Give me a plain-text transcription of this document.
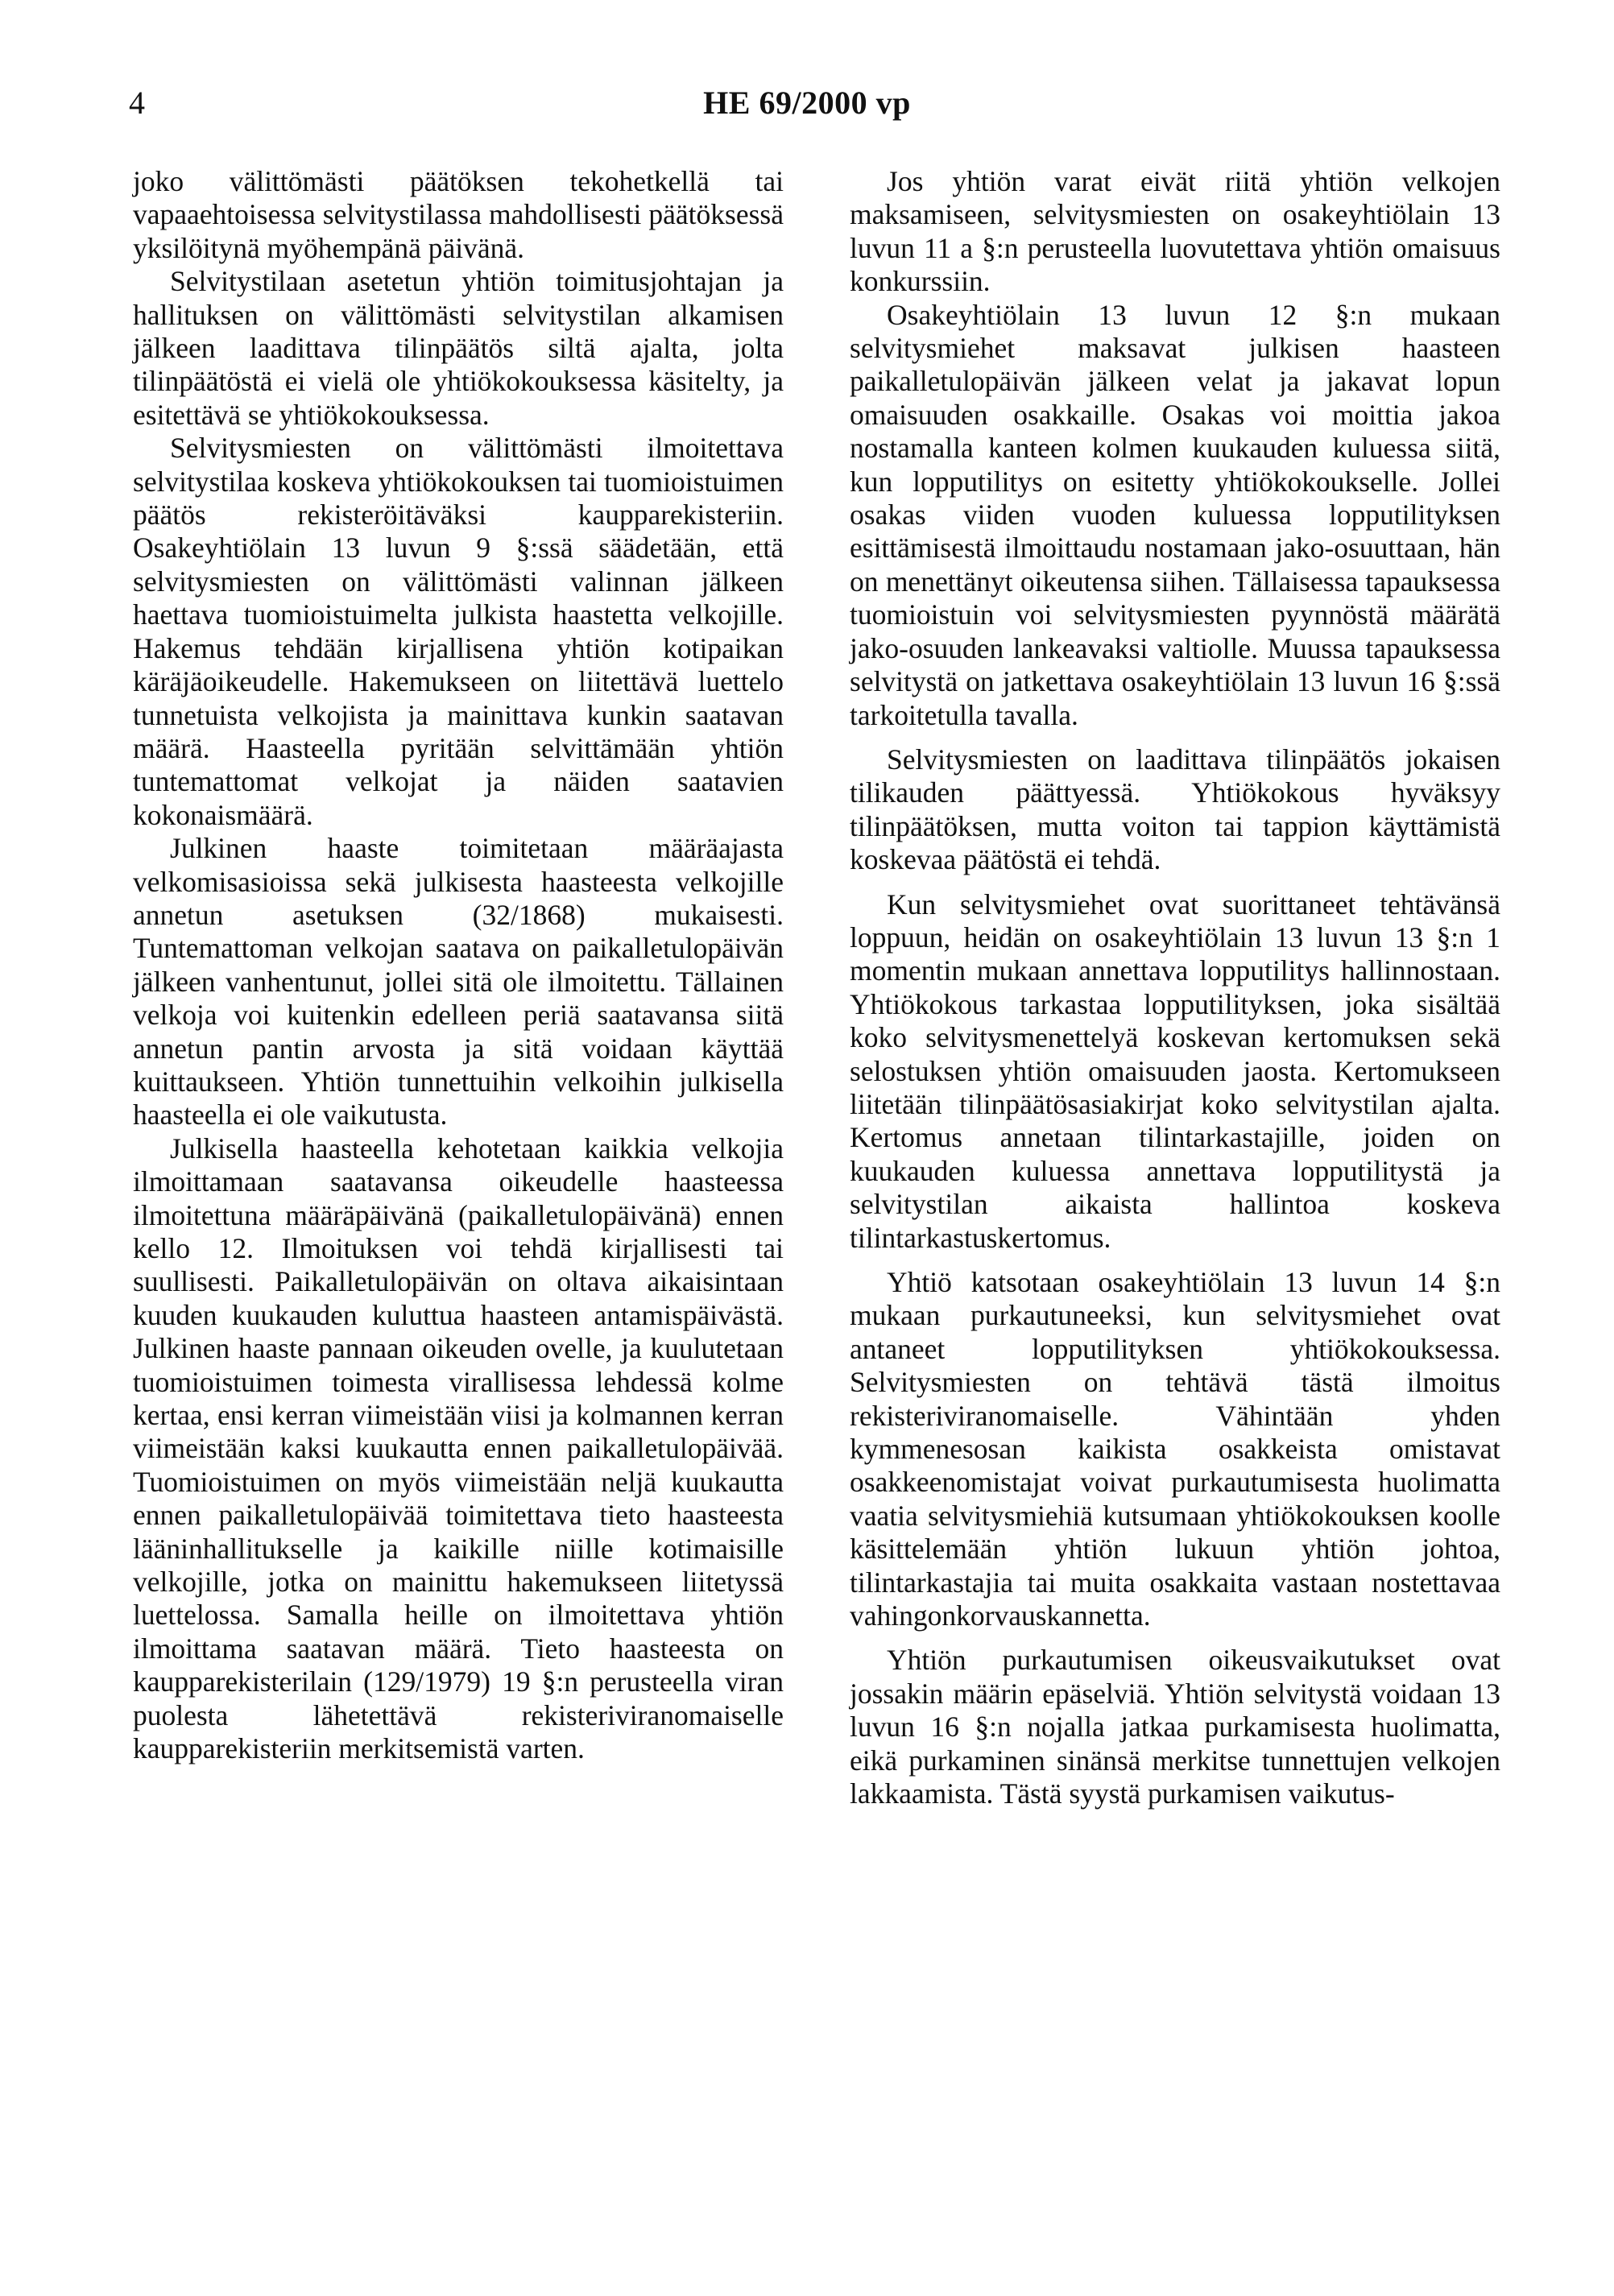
4	HE 69/2000 vp

joko välittömästi päätöksen tekohetkellä tai vapaaehtoisessa selvitystilassa mahdollisesti päätöksessä yksilöitynä myöhempänä päivänä.

Selvitystilaan asetetun yhtiön toimitusjohtajan ja hallituksen on välittömästi selvitystilan alkamisen jälkeen laadittava tilinpäätös siltä ajalta, jolta tilinpäätöstä ei vielä ole yhtiökokouksessa käsitelty, ja esitettävä se yhtiökokouksessa.

Selvitysmiesten on välittömästi ilmoitettava selvitystilaa koskeva yhtiökokouksen tai tuomioistuimen päätös rekisteröitäväksi kaupparekisteriin. Osakeyhtiölain 13 luvun 9 §:ssä säädetään, että selvitysmiesten on välittömästi valinnan jälkeen haettava tuomioistuimelta julkista haastetta velkojille. Hakemus tehdään kirjallisena yhtiön kotipaikan käräjäoikeudelle. Hakemukseen on liitettävä luettelo tunnetuista velkojista ja mainittava kunkin saatavan määrä. Haasteella pyritään selvittämään yhtiön tuntemattomat velkojat ja näiden saatavien kokonaismäärä.

Julkinen haaste toimitetaan määräajasta velkomisasioissa sekä julkisesta haasteesta velkojille annetun asetuksen (32/1868) mukaisesti. Tuntemattoman velkojan saatava on paikalletulopäivän jälkeen vanhentunut, jollei sitä ole ilmoitettu. Tällainen velkoja voi kuitenkin edelleen periä saatavansa siitä annetun pantin arvosta ja sitä voidaan käyttää kuittaukseen. Yhtiön tunnettuihin velkoihin julkisella haasteella ei ole vaikutusta.

Julkisella haasteella kehotetaan kaikkia velkojia ilmoittamaan saatavansa oikeudelle haasteessa ilmoitettuna määräpäivänä (paikalletulopäivänä) ennen kello 12. Ilmoituksen voi tehdä kirjallisesti tai suullisesti. Paikalletulopäivän on oltava aikaisintaan kuuden kuukauden kuluttua haasteen antamispäivästä. Julkinen haaste pannaan oikeuden ovelle, ja kuulutetaan tuomioistuimen toimesta virallisessa lehdessä kolme kertaa, ensi kerran viimeistään viisi ja kolmannen kerran viimeistään kaksi kuukautta ennen paikalletulopäivää. Tuomioistuimen on myös viimeistään neljä kuukautta ennen paikalletulopäivää toimitettava tieto haasteesta lääninhallitukselle ja kaikille niille kotimaisille velkojille, jotka on mainittu hakemukseen liitetyssä luettelossa. Samalla heille on ilmoitettava yhtiön ilmoittama saatavan määrä. Tieto haasteesta on kaupparekisterilain (129/1979) 19 §:n perusteella viran puolesta lähetettävä rekisteriviranomaiselle kaupparekisteriin merkitsemistä varten.

Jos yhtiön varat eivät riitä yhtiön velkojen maksamiseen, selvitysmiesten on osakeyhtiölain 13 luvun 11 a §:n perusteella luovutettava yhtiön omaisuus konkurssiin.

Osakeyhtiölain 13 luvun 12 §:n mukaan selvitysmiehet maksavat julkisen haasteen paikalletulopäivän jälkeen velat ja jakavat lopun omaisuuden osakkaille. Osakas voi moittia jakoa nostamalla kanteen kolmen kuukauden kuluessa siitä, kun lopputilitys on esitetty yhtiökokoukselle. Jollei osakas viiden vuoden kuluessa lopputilityksen esittämisestä ilmoittaudu nostamaan jako-osuuttaan, hän on menettänyt oikeutensa siihen. Tällaisessa tapauksessa tuomioistuin voi selvitysmiesten pyynnöstä määrätä jako-osuuden lankeavaksi valtiolle. Muussa tapauksessa selvitystä on jatkettava osakeyhtiölain 13 luvun 16 §:ssä tarkoitetulla tavalla.

Selvitysmiesten on laadittava tilinpäätös jokaisen tilikauden päättyessä. Yhtiökokous hyväksyy tilinpäätöksen, mutta voiton tai tappion käyttämistä koskevaa päätöstä ei tehdä.

Kun selvitysmiehet ovat suorittaneet tehtävänsä loppuun, heidän on osakeyhtiölain 13 luvun 13 §:n 1 momentin mukaan annettava lopputilitys hallinnostaan. Yhtiökokous tarkastaa lopputilityksen, joka sisältää koko selvitysmenettelyä koskevan kertomuksen sekä selostuksen yhtiön omaisuuden jaosta. Kertomukseen liitetään tilinpäätösasiakirjat koko selvitystilan ajalta. Kertomus annetaan tilintarkastajille, joiden on kuukauden kuluessa annettava lopputilitystä ja selvitystilan aikaista hallintoa koskeva tilintarkastuskertomus.

Yhtiö katsotaan osakeyhtiölain 13 luvun 14 §:n mukaan purkautuneeksi, kun selvitysmiehet ovat antaneet lopputilityksen yhtiökokouksessa. Selvitysmiesten on tehtävä tästä ilmoitus rekisteriviranomaiselle. Vähintään yhden kymmenesosan kaikista osakkeista omistavat osakkeenomistajat voivat purkautumisesta huolimatta vaatia selvitysmiehiä kutsumaan yhtiökokouksen koolle käsittelemään yhtiön lukuun yhtiön johtoa, tilintarkastajia tai muita osakkaita vastaan nostettavaa vahingonkorvauskannetta.

Yhtiön purkautumisen oikeusvaikutukset ovat jossakin määrin epäselviä. Yhtiön selvitystä voidaan 13 luvun 16 §:n nojalla jatkaa purkamisesta huolimatta, eikä purkaminen sinänsä merkitse tunnettujen velkojen lakkaamista. Tästä syystä purkamisen vaikutus-
